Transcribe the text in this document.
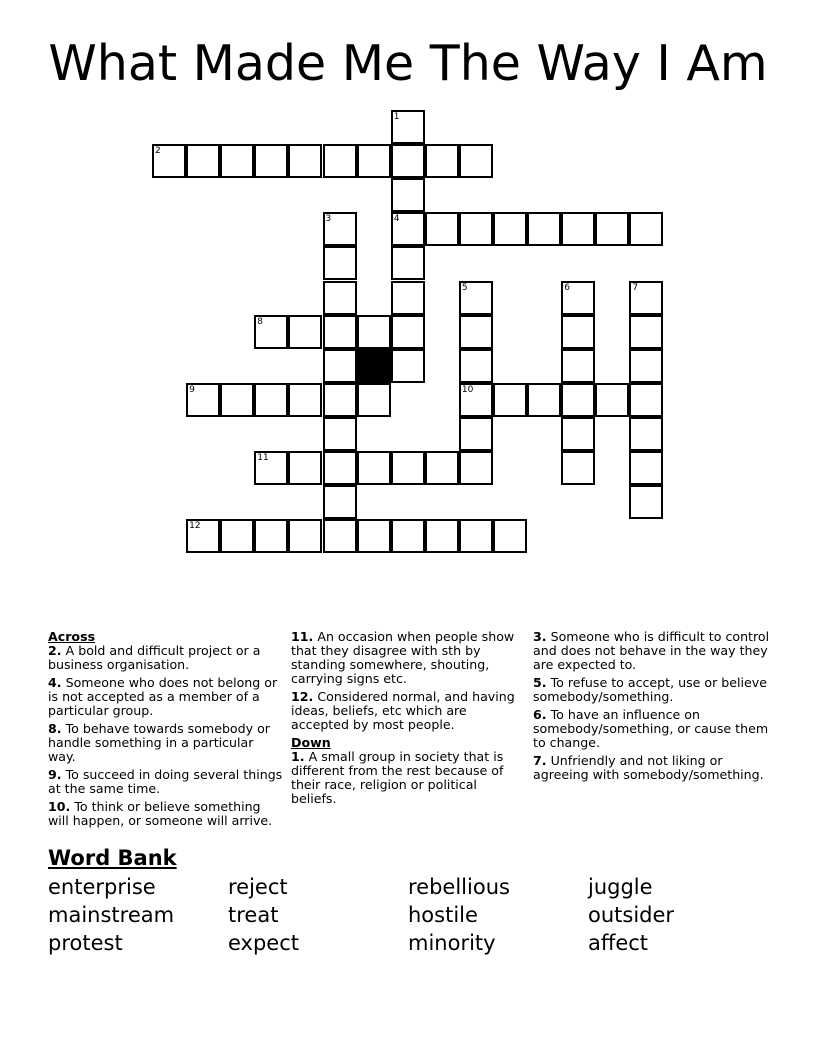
What Made Me The Way I Am
2
4
8
9	10
11
12
1
3
5	6	7
Across
2. A bold and difficult project or a business organisation.
4. Someone who does not belong or is not accepted as a member of a particular group.
8. To behave towards somebody or handle something in a particular way.
9. To succeed in doing several things at the same time.
10. To think or believe something will happen, or someone will arrive.
11. An occasion when people show that they disagree with sth by standing somewhere, shouting, carrying signs etc.
12. Considered normal, and having ideas, beliefs, etc which are accepted by most people.
Down
1. A small group in society that is different from the rest because of their race, religion or political beliefs.
3. Someone who is difficult to control and does not behave in the way they are expected to.
5. To refuse to accept, use or believe somebody/something.
6. To have an influence on somebody/something, or cause them to change.
7. Unfriendly and not liking or agreeing with somebody/something.
Word Bank
enterprise	reject	rebellious	juggle
mainstream	treat	hostile	outsider
protest	expect	minority	affect
